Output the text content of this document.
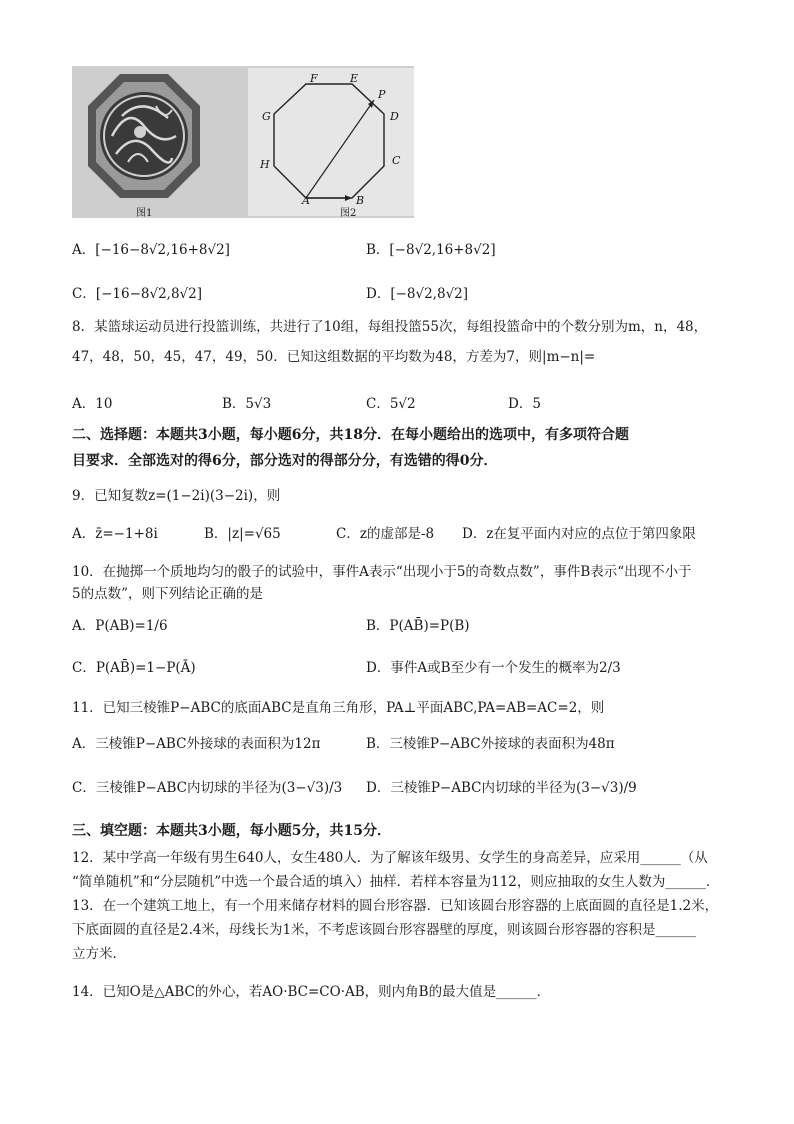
F	E
P
D
C
B
A
H
G
图1	图2
A．[−16−8√2,16+8√2]	B．[−8√2,16+8√2]
C．[−16−8√2,8√2]	D．[−8√2,8√2]
8．某篮球运动员进行投篮训练，共进行了10组，每组投篮55次，每组投篮命中的个数分别为m，n，48，
47，48，50，45，47，49，50．已知这组数据的平均数为48，方差为7，则|m−n|=
A．10	B．5√3	C．5√2	D．5
二、选择题：本题共3小题，每小题6分，共18分．在每小题给出的选项中，有多项符合题
目要求．全部选对的得6分，部分选对的得部分分，有选错的得0分．
9．已知复数z=(1−2i)(3−2i)，则
A．z̄=−1+8i	B．|z|=√65	C．z的虚部是-8 D．z在复平面内对应的点位于第四象限
10．在抛掷一个质地均匀的骰子的试验中，事件A表示“出现小于5的奇数点数”，事件B表示“出现不小于
5的点数”，则下列结论正确的是
A．P(AB)=1/6	B．P(AB̄)=P(B)
C．P(AB̄)=1−P(Ā)	D．事件A或B至少有一个发生的概率为2/3
11．已知三棱锥P−ABC的底面ABC是直角三角形，PA⊥平面ABC,PA=AB=AC=2，则
A．三棱锥P−ABC外接球的表面积为12π	B．三棱锥P−ABC外接球的表面积为48π
C．三棱锥P−ABC内切球的半径为(3−√3)/3 D．三棱锥P−ABC内切球的半径为(3−√3)/9
三、填空题：本题共3小题，每小题5分，共15分．
12．某中学高一年级有男生640人，女生480人．为了解该年级男、女学生的身高差异，应采用______（从
“简单随机”和“分层随机”中选一个最合适的填入）抽样．若样本容量为112，则应抽取的女生人数为______．
13．在一个建筑工地上，有一个用来储存材料的圆台形容器．已知该圆台形容器的上底面圆的直径是1.2米，
下底面圆的直径是2.4米，母线长为1米，不考虑该圆台形容器壁的厚度，则该圆台形容器的容积是______
立方米．
14．已知O是△ABC的外心，若AO·BC=CO·AB，则内角B的最大值是______．
